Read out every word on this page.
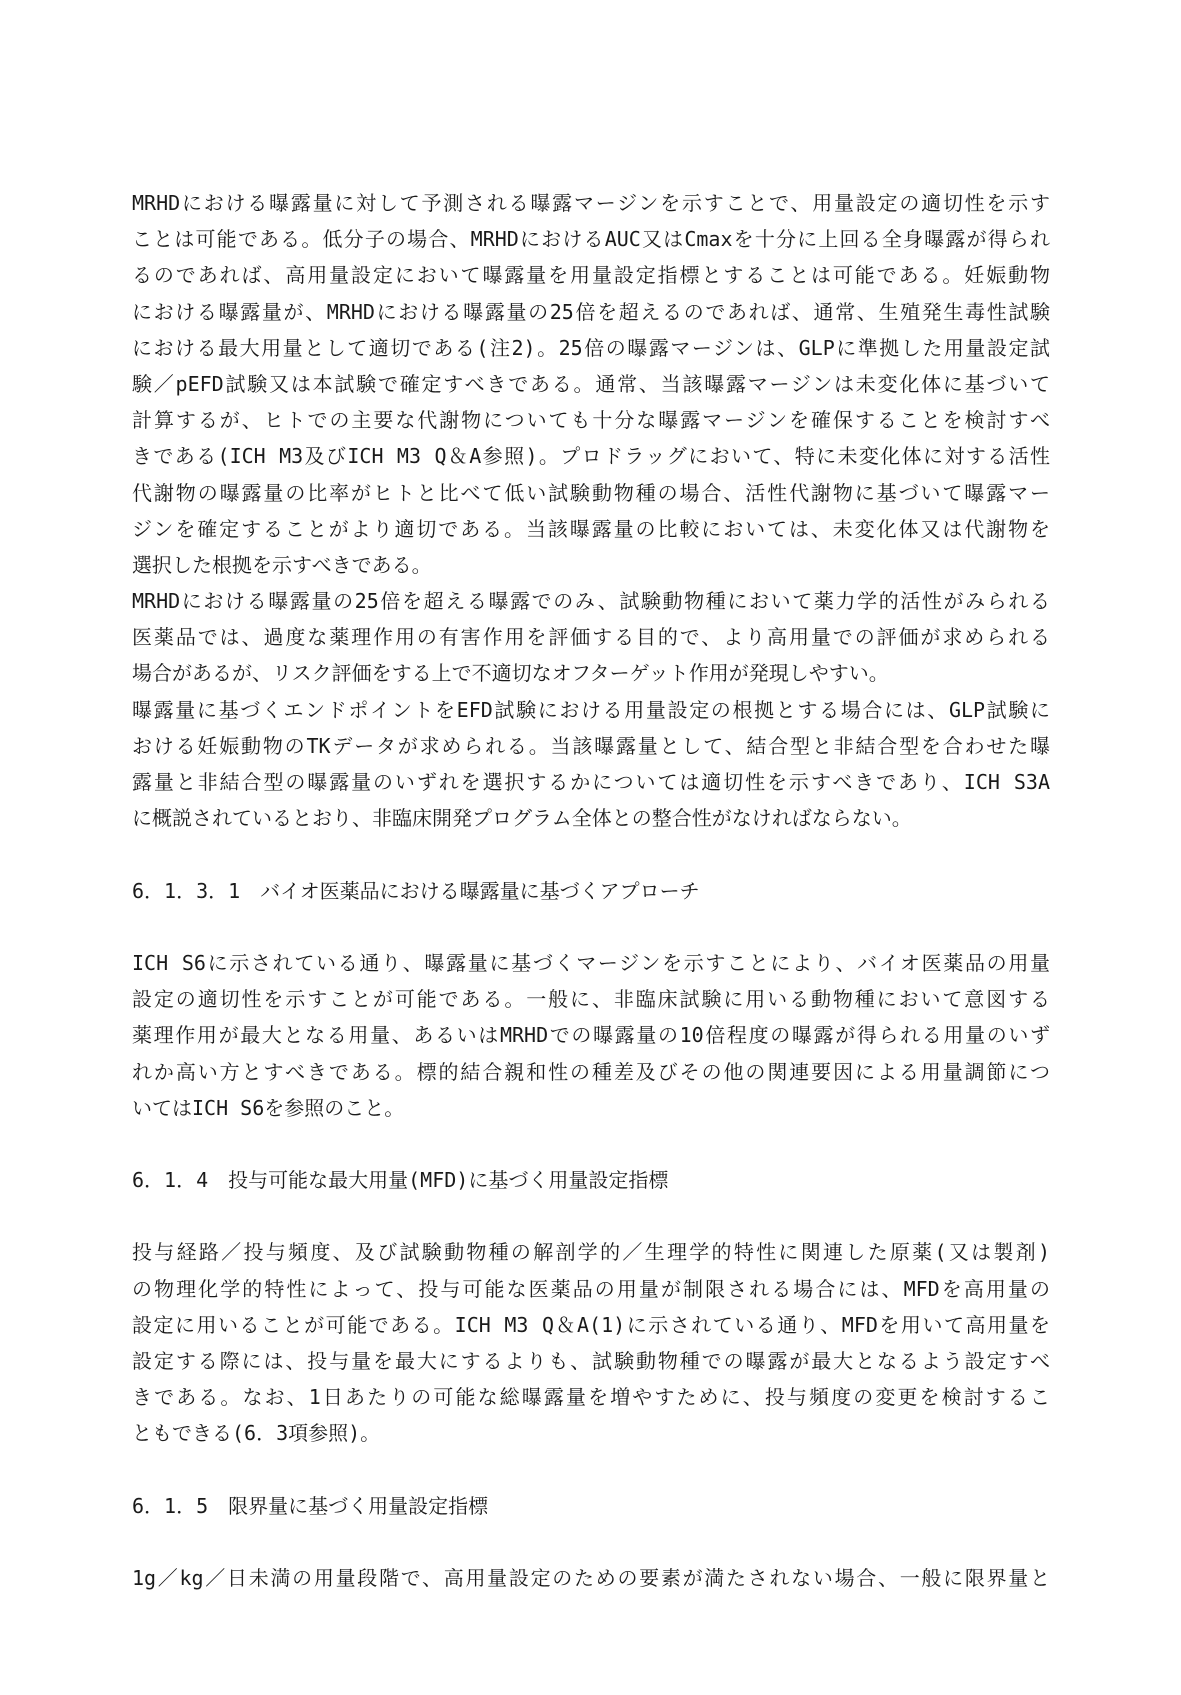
MRHDにおける曝露量に対して予測される曝露マージンを示すことで、用量設定の適切性を示す
ことは可能である。低分子の場合、MRHDにおけるAUC又はCmaxを十分に上回る全身曝露が得られ
るのであれば、高用量設定において曝露量を用量設定指標とすることは可能である。妊娠動物
における曝露量が、MRHDにおける曝露量の25倍を超えるのであれば、通常、生殖発生毒性試験
における最大用量として適切である(注2)。25倍の曝露マージンは、GLPに準拠した用量設定試
験／pEFD試験又は本試験で確定すべきである。通常、当該曝露マージンは未変化体に基づいて
計算するが、ヒトでの主要な代謝物についても十分な曝露マージンを確保することを検討すべ
きである(ICH M3及びICH M3 Q＆A参照)。プロドラッグにおいて、特に未変化体に対する活性
代謝物の曝露量の比率がヒトと比べて低い試験動物種の場合、活性代謝物に基づいて曝露マー
ジンを確定することがより適切である。当該曝露量の比較においては、未変化体又は代謝物を
選択した根拠を示すべきである。
MRHDにおける曝露量の25倍を超える曝露でのみ、試験動物種において薬力学的活性がみられる
医薬品では、過度な薬理作用の有害作用を評価する目的で、より高用量での評価が求められる
場合があるが、リスク評価をする上で不適切なオフターゲット作用が発現しやすい。
曝露量に基づくエンドポイントをEFD試験における用量設定の根拠とする場合には、GLP試験に
おける妊娠動物のTKデータが求められる。当該曝露量として、結合型と非結合型を合わせた曝
露量と非結合型の曝露量のいずれを選択するかについては適切性を示すべきであり、ICH S3A
に概説されているとおり、非臨床開発プログラム全体との整合性がなければならない。
6．1．3．1　バイオ医薬品における曝露量に基づくアプローチ
ICH S6に示されている通り、曝露量に基づくマージンを示すことにより、バイオ医薬品の用量
設定の適切性を示すことが可能である。一般に、非臨床試験に用いる動物種において意図する
薬理作用が最大となる用量、あるいはMRHDでの曝露量の10倍程度の曝露が得られる用量のいず
れか高い方とすべきである。標的結合親和性の種差及びその他の関連要因による用量調節につ
いてはICH S6を参照のこと。
6．1．4　投与可能な最大用量(MFD)に基づく用量設定指標
投与経路／投与頻度、及び試験動物種の解剖学的／生理学的特性に関連した原薬(又は製剤)
の物理化学的特性によって、投与可能な医薬品の用量が制限される場合には、MFDを高用量の
設定に用いることが可能である。ICH M3 Q＆A(1)に示されている通り、MFDを用いて高用量を
設定する際には、投与量を最大にするよりも、試験動物種での曝露が最大となるよう設定すべ
きである。なお、1日あたりの可能な総曝露量を増やすために、投与頻度の変更を検討するこ
ともできる(6．3項参照)。
6．1．5　限界量に基づく用量設定指標
1g／kg／日未満の用量段階で、高用量設定のための要素が満たされない場合、一般に限界量と
